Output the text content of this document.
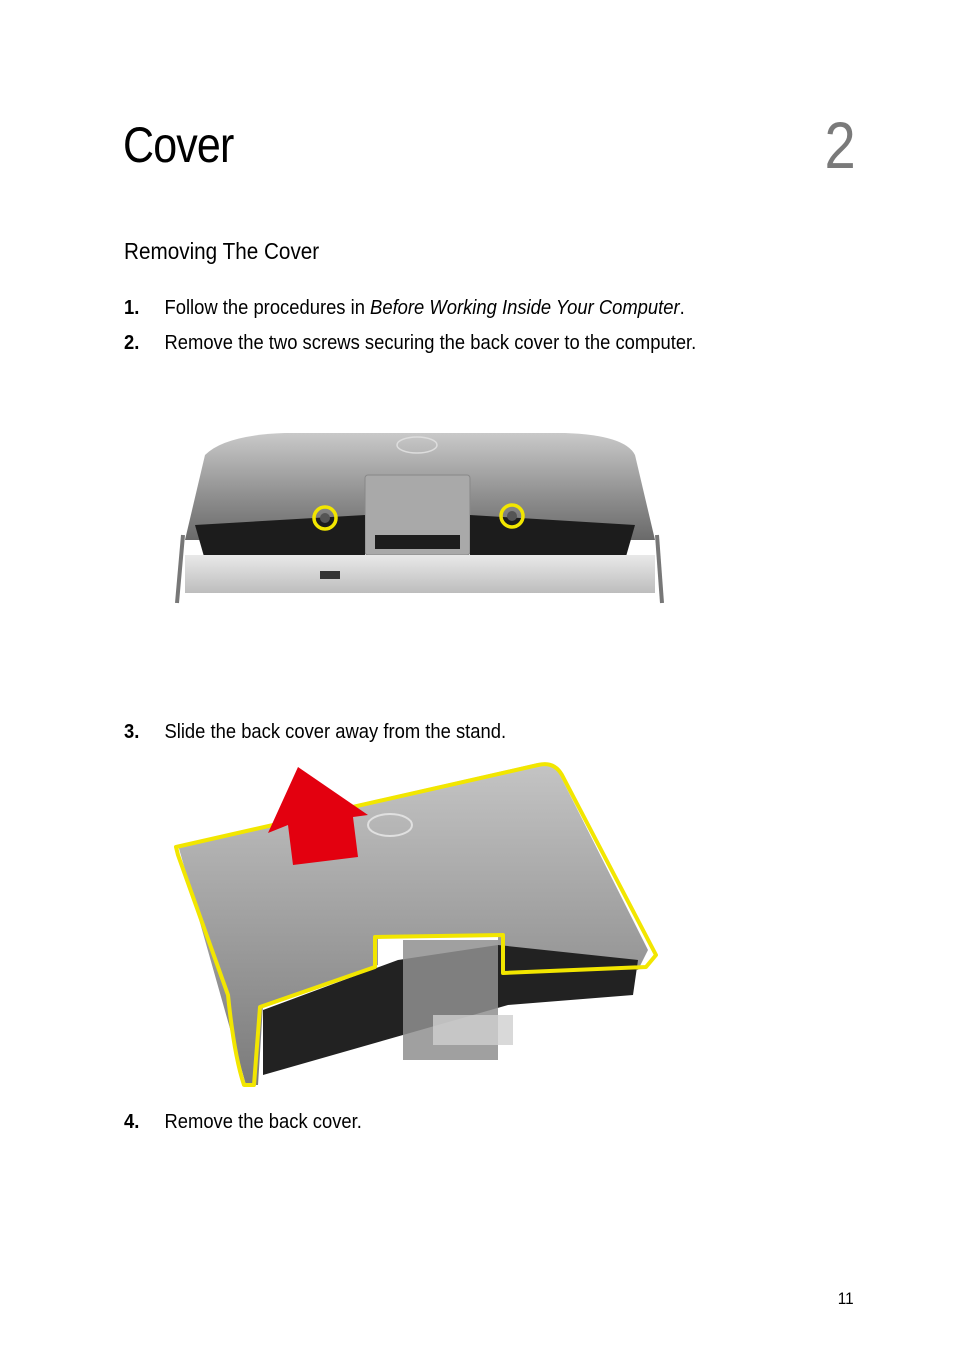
Cover	2
Removing The Cover
1. Follow the procedures in Before Working Inside Your Computer.
2. Remove the two screws securing the back cover to the computer.
3. Slide the back cover away from the stand.
4. Remove the back cover.
11
